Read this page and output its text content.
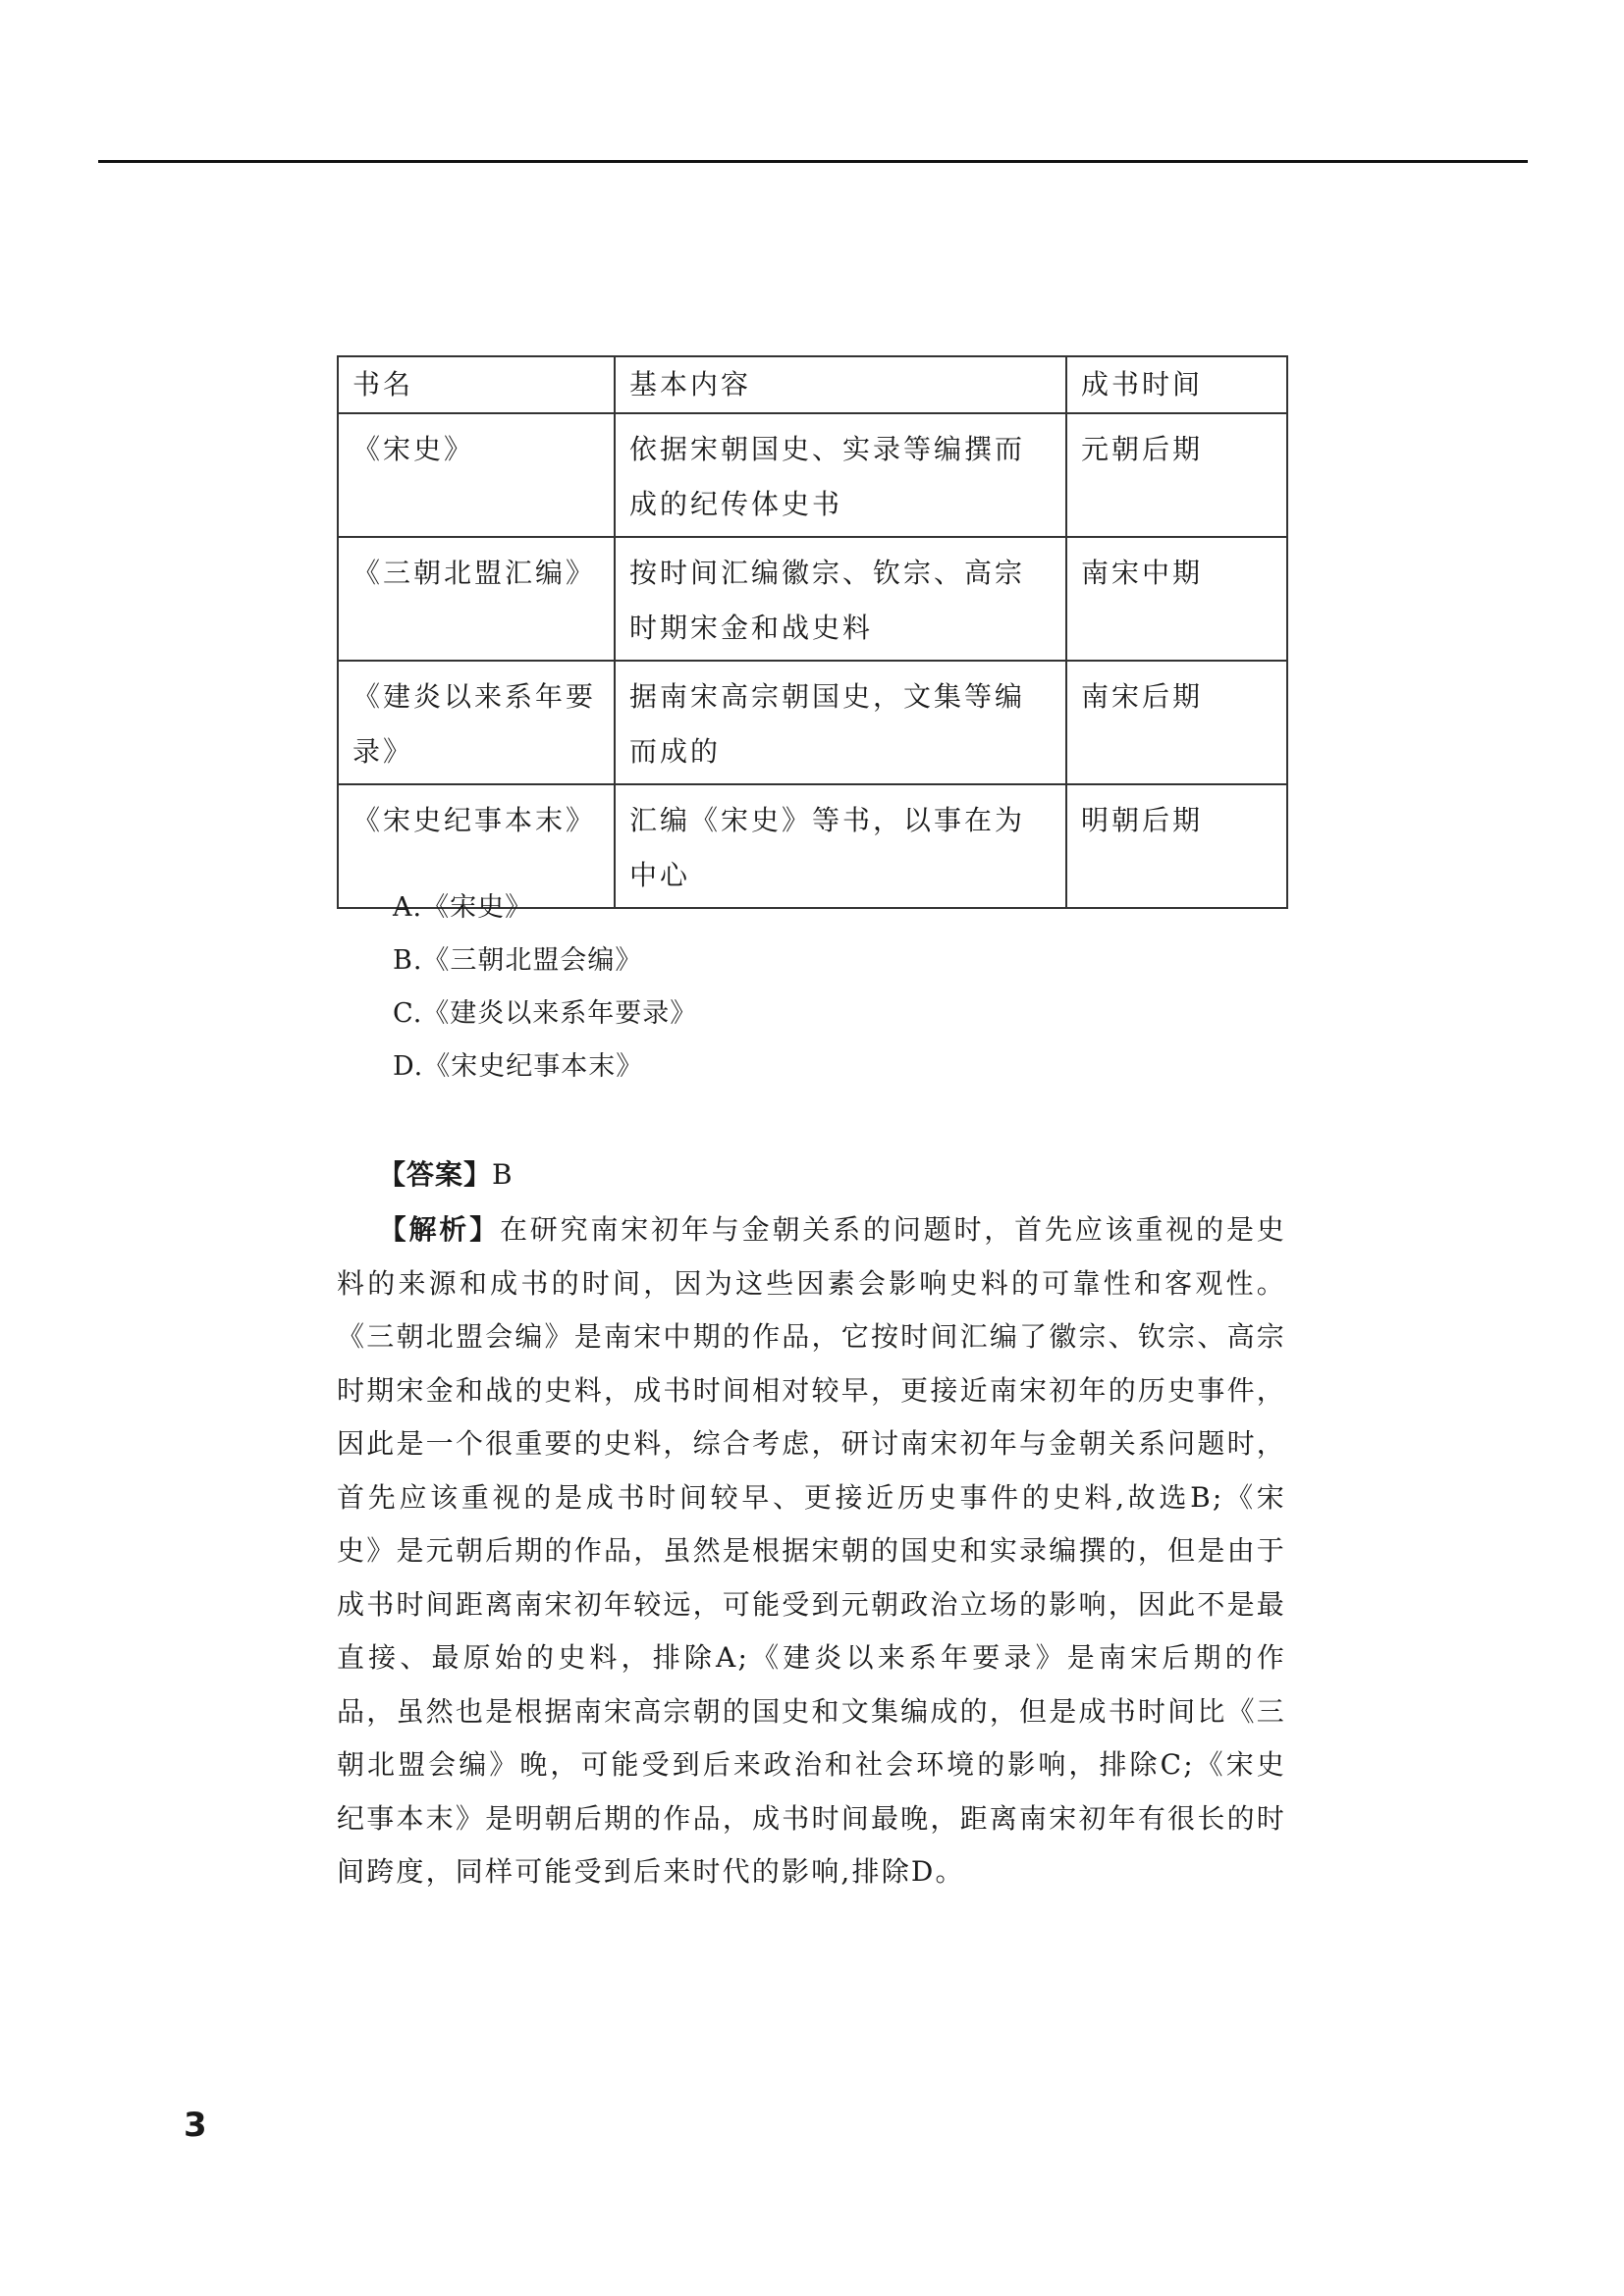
书名	基本内容	成书时间
《宋史》	依据宋朝国史、实录等编撰而成的纪传体史书	元朝后期
《三朝北盟汇编》	按时间汇编徽宗、钦宗、高宗时期宋金和战史料	南宋中期
《建炎以来系年要录》	据南宋高宗朝国史，文集等编而成的	南宋后期
《宋史纪事本末》	汇编《宋史》等书，以事在为中心	明朝后期
A.《宋史》
B.《三朝北盟会编》
C.《建炎以来系年要录》
D.《宋史纪事本末》
【答案】B

【解析】在研究南宋初年与金朝关系的问题时，首先应该重视的是史料的来源和成书的时间，因为这些因素会影响史料的可靠性和客观性。《三朝北盟会编》是南宋中期的作品，它按时间汇编了徽宗、钦宗、高宗时期宋金和战的史料，成书时间相对较早，更接近南宋初年的历史事件，因此是一个很重要的史料，综合考虑，研讨南宋初年与金朝关系问题时，首先应该重视的是成书时间较早、更接近历史事件的史料,故选B;《宋史》是元朝后期的作品，虽然是根据宋朝的国史和实录编撰的，但是由于成书时间距离南宋初年较远，可能受到元朝政治立场的影响，因此不是最直接、最原始的史料，排除A;《建炎以来系年要录》是南宋后期的作品，虽然也是根据南宋高宗朝的国史和文集编成的，但是成书时间比《三朝北盟会编》晚，可能受到后来政治和社会环境的影响，排除C;《宋史纪事本末》是明朝后期的作品，成书时间最晚，距离南宋初年有很长的时间跨度，同样可能受到后来时代的影响,排除D。

3
